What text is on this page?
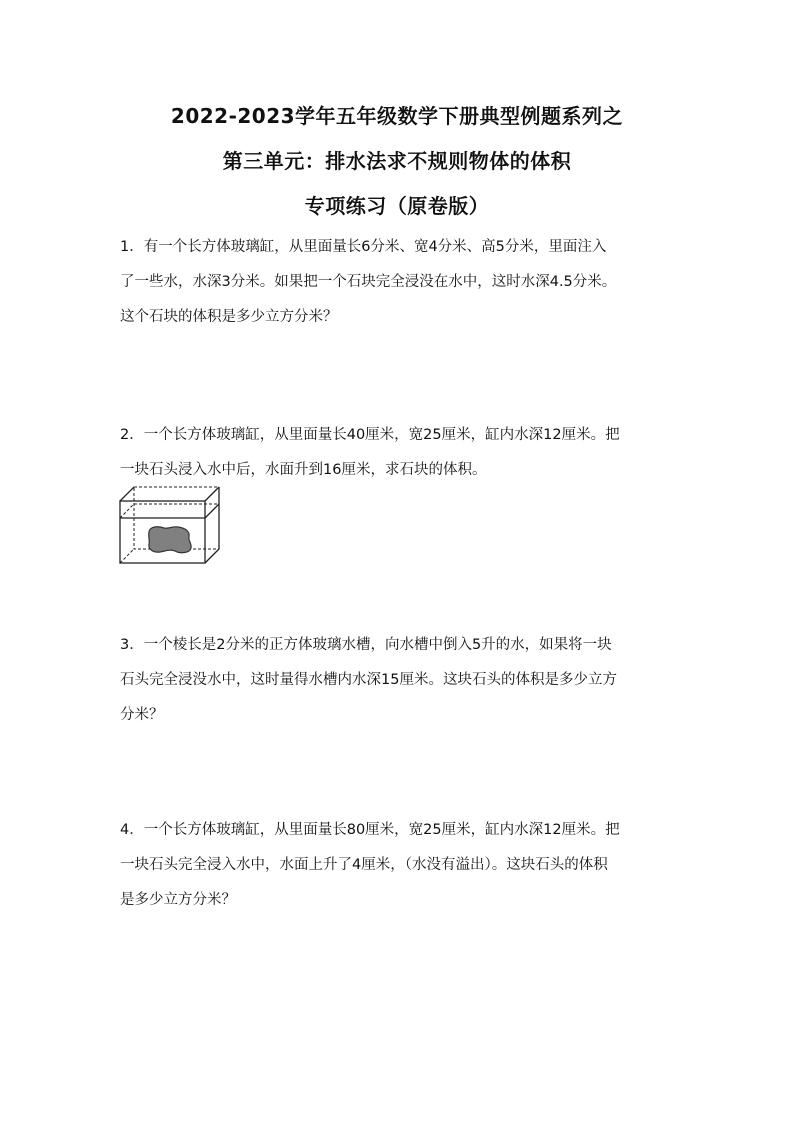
2022-2023学年五年级数学下册典型例题系列之
第三单元：排水法求不规则物体的体积
专项练习（原卷版）
1．有一个长方体玻璃缸，从里面量长6分米、宽4分米、高5分米，里面注入
了一些水，水深3分米。如果把一个石块完全浸没在水中，这时水深4.5分米。
这个石块的体积是多少立方分米？
2．一个长方体玻璃缸，从里面量长40厘米，宽25厘米，缸内水深12厘米。把
一块石头浸入水中后，水面升到16厘米，求石块的体积。
3．一个棱长是2分米的正方体玻璃水槽，向水槽中倒入5升的水，如果将一块
石头完全浸没水中，这时量得水槽内水深15厘米。这块石头的体积是多少立方
分米？
4．一个长方体玻璃缸，从里面量长80厘米，宽25厘米，缸内水深12厘米。把
一块石头完全浸入水中，水面上升了4厘米，（水没有溢出）。这块石头的体积
是多少立方分米？
